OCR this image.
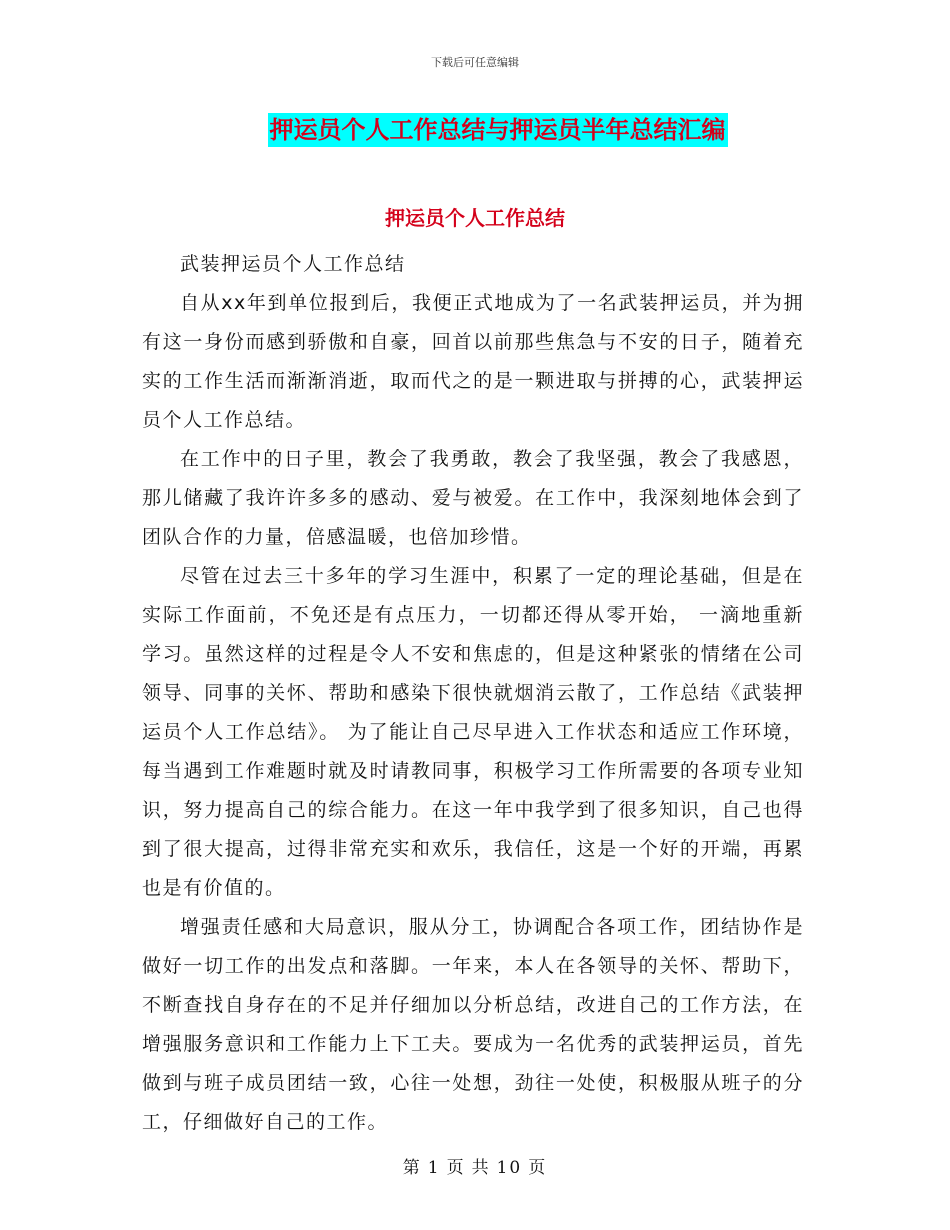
下载后可任意编辑
押运员个人工作总结与押运员半年总结汇编
押运员个人工作总结

武装押运员个人工作总结

自从xx年到单位报到后，我便正式地成为了一名武装押运员，并为拥有这一身份而感到骄傲和自豪，回首以前那些焦急与不安的日子，随着充实的工作生活而渐渐消逝，取而代之的是一颗进取与拼搏的心，武装押运员个人工作总结。

在工作中的日子里，教会了我勇敢，教会了我坚强，教会了我感恩，那儿储藏了我许许多多的感动、爱与被爱。在工作中，我深刻地体会到了团队合作的力量，倍感温暖，也倍加珍惜。

尽管在过去三十多年的学习生涯中，积累了一定的理论基础，但是在实际工作面前，不免还是有点压力，一切都还得从零开始， 一滴地重新学习。虽然这样的过程是令人不安和焦虑的，但是这种紧张的情绪在公司领导、同事的关怀、帮助和感染下很快就烟消云散了，工作总结《武装押运员个人工作总结》。 为了能让自己尽早进入工作状态和适应工作环境，每当遇到工作难题时就及时请教同事，积极学习工作所需要的各项专业知识，努力提高自己的综合能力。在这一年中我学到了很多知识，自己也得到了很大提高，过得非常充实和欢乐，我信任，这是一个好的开端，再累也是有价值的。

增强责任感和大局意识，服从分工，协调配合各项工作，团结协作是做好一切工作的出发点和落脚。一年来，本人在各领导的关怀、帮助下，不断查找自身存在的不足并仔细加以分析总结，改进自己的工作方法，在增强服务意识和工作能力上下工夫。要成为一名优秀的武装押运员，首先做到与班子成员团结一致，心往一处想，劲往一处使，积极服从班子的分工，仔细做好自己的工作。

第 1 页 共 10 页
